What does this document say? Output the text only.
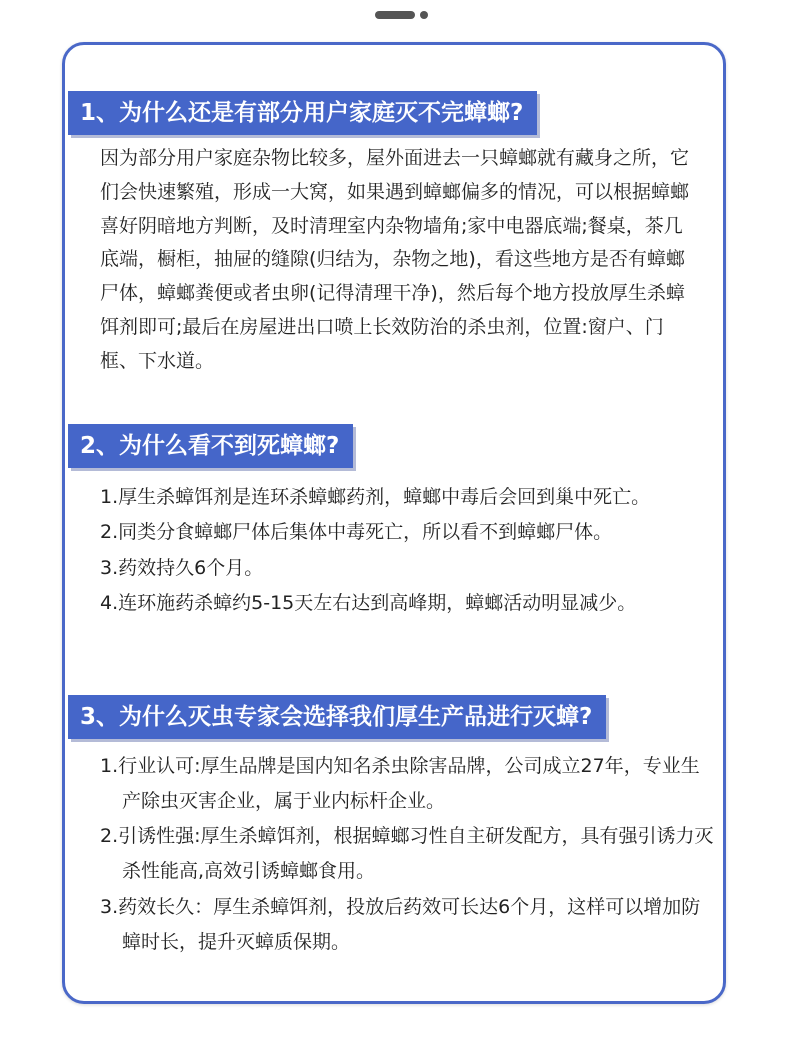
1、为什么还是有部分用户家庭灭不完蟑螂?

因为部分用户家庭杂物比较多，屋外面进去一只蟑螂就有藏身之所，它们会快速繁殖，形成一大窝，如果遇到蟑螂偏多的情况，可以根据蟑螂喜好阴暗地方判断，及时清理室内杂物墙角;家中电器底端;餐桌，茶几底端，橱柜，抽屉的缝隙(归结为，杂物之地)，看这些地方是否有蟑螂尸体，蟑螂粪便或者虫卵(记得清理干净)，然后每个地方投放厚生杀蟑饵剂即可;最后在房屋进出口喷上长效防治的杀虫剂，位置:窗户、门框、下水道。

2、为什么看不到死蟑螂?
1.厚生杀蟑饵剂是连环杀蟑螂药剂，蟑螂中毒后会回到巢中死亡。
2.同类分食蟑螂尸体后集体中毒死亡，所以看不到蟑螂尸体。
3.药效持久6个月。
4.连环施药杀蟑约5-15天左右达到高峰期，蟑螂活动明显减少。
3、为什么灭虫专家会选择我们厚生产品进行灭蟑?
1.行业认可:厚生品牌是国内知名杀虫除害品牌，公司成立27年，专业生产除虫灭害企业，属于业内标杆企业。
2.引诱性强:厚生杀蟑饵剂，根据蟑螂习性自主研发配方，具有强引诱力灭杀性能高,高效引诱蟑螂食用。
3.药效长久：厚生杀蟑饵剂，投放后药效可长达6个月，这样可以增加防蟑时长，提升灭蟑质保期。
